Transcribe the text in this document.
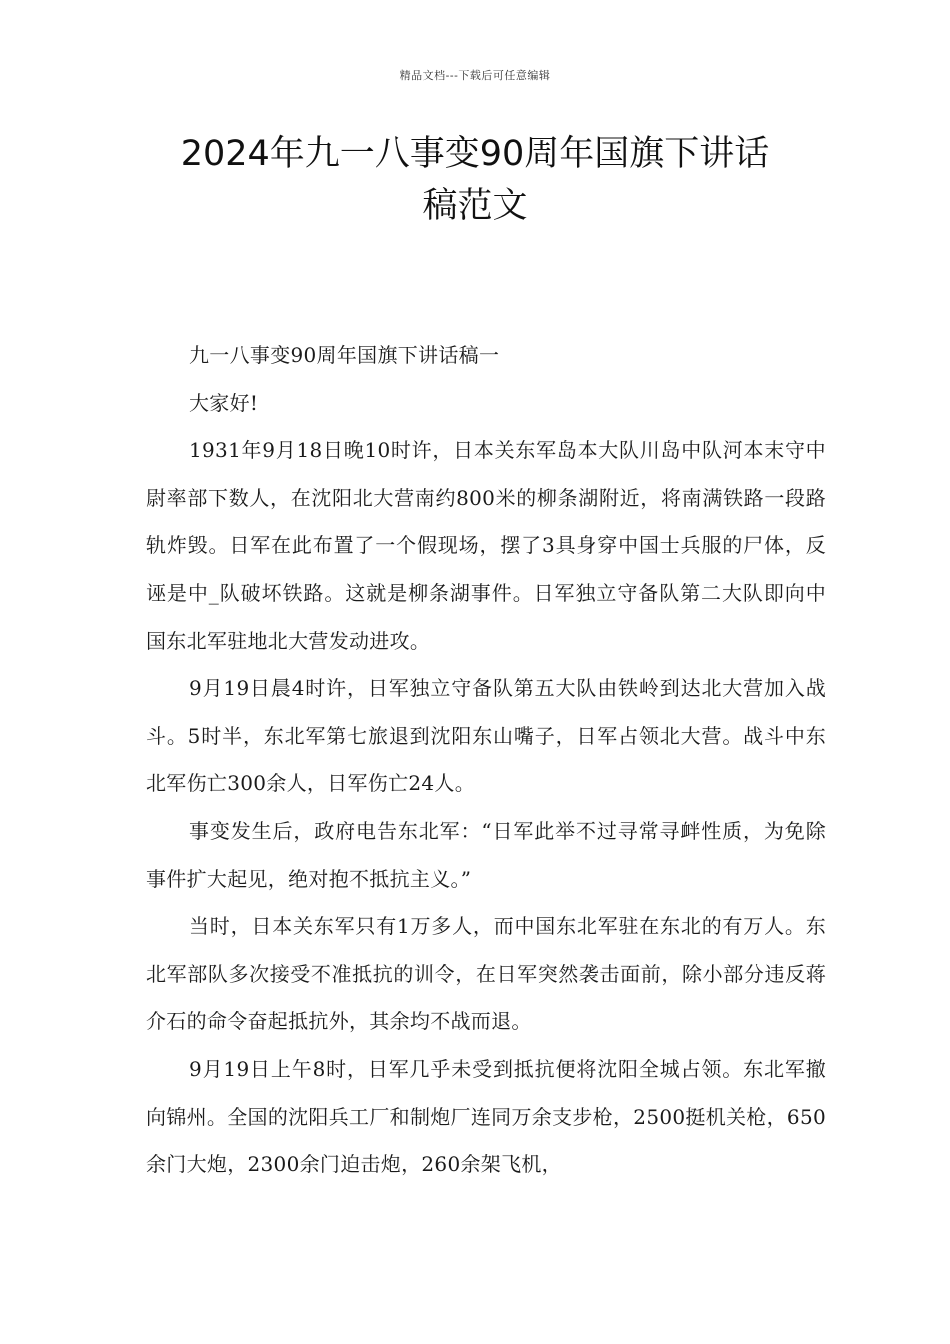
精品文档---下载后可任意编辑
2024年九一八事变90周年国旗下讲话
稿范文

九一八事变90周年国旗下讲话稿一

大家好!

1931年9月18日晚10时许，日本关东军岛本大队川岛中队河本末守中尉率部下数人，在沈阳北大营南约800米的柳条湖附近，将南满铁路一段路轨炸毁。日军在此布置了一个假现场，摆了3具身穿中国士兵服的尸体，反诬是中_队破坏铁路。这就是柳条湖事件。日军独立守备队第二大队即向中国东北军驻地北大营发动进攻。

9月19日晨4时许，日军独立守备队第五大队由铁岭到达北大营加入战斗。5时半，东北军第七旅退到沈阳东山嘴子，日军占领北大营。战斗中东北军伤亡300余人，日军伤亡24人。

事变发生后，政府电告东北军：“日军此举不过寻常寻衅性质，为免除事件扩大起见，绝对抱不抵抗主义。”

当时，日本关东军只有1万多人，而中国东北军驻在东北的有万人。东北军部队多次接受不准抵抗的训令，在日军突然袭击面前，除小部分违反蒋介石的命令奋起抵抗外，其余均不战而退。

9月19日上午8时，日军几乎未受到抵抗便将沈阳全城占领。东北军撤向锦州。全国的沈阳兵工厂和制炮厂连同万余支步枪，2500挺机关枪，650余门大炮，2300余门迫击炮，260余架飞机，
